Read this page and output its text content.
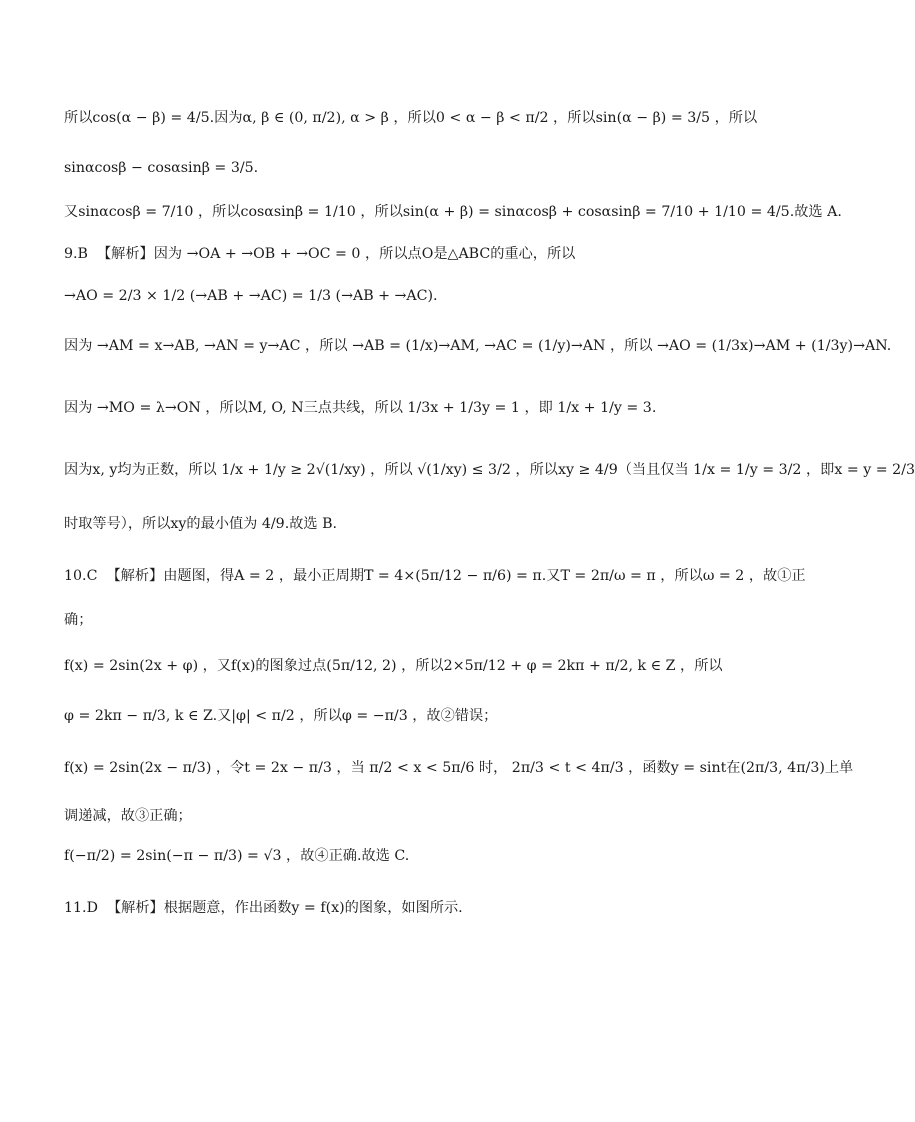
所以cos(α − β) = 4/5.因为α, β ∈ (0, π/2), α > β ，所以0 < α − β < π/2 ，所以sin(α − β) = 3/5 ，所以
sinαcosβ − cosαsinβ = 3/5.
又sinαcosβ = 7/10 ，所以cosαsinβ = 1/10 ，所以sin(α + β) = sinαcosβ + cosαsinβ = 7/10 + 1/10 = 4/5.故选 A.
9.B  【解析】因为 →OA + →OB + →OC = 0 ，所以点O是△ABC的重心，所以
→AO = 2/3 × 1/2 (→AB + →AC) = 1/3 (→AB + →AC).
因为 →AM = x→AB, →AN = y→AC ，所以 →AB = (1/x)→AM, →AC = (1/y)→AN ，所以 →AO = (1/3x)→AM + (1/3y)→AN.
因为 →MO = λ→ON ，所以M, O, N三点共线，所以 1/3x + 1/3y = 1 ，即 1/x + 1/y = 3.
因为x, y均为正数，所以 1/x + 1/y ≥ 2√(1/xy) ，所以 √(1/xy) ≤ 3/2 ，所以xy ≥ 4/9（当且仅当 1/x = 1/y = 3/2 ，即x = y = 2/3
时取等号），所以xy的最小值为 4/9.故选 B.
10.C  【解析】由题图，得A = 2 ，最小正周期T = 4×(5π/12 − π/6) = π.又T = 2π/ω = π ，所以ω = 2 ，故①正
确；
f(x) = 2sin(2x + φ) ，又f(x)的图象过点(5π/12, 2) ，所以2×5π/12 + φ = 2kπ + π/2, k ∈ Z ，所以
φ = 2kπ − π/3, k ∈ Z.又|φ| < π/2 ，所以φ = −π/3 ，故②错误；
f(x) = 2sin(2x − π/3) ，令t = 2x − π/3 ，当 π/2 < x < 5π/6 时， 2π/3 < t < 4π/3 ，函数y = sint在(2π/3, 4π/3)上单
调递减，故③正确；
f(−π/2) = 2sin(−π − π/3) = √3 ，故④正确.故选 C.
11.D  【解析】根据题意，作出函数y = f(x)的图象，如图所示.
